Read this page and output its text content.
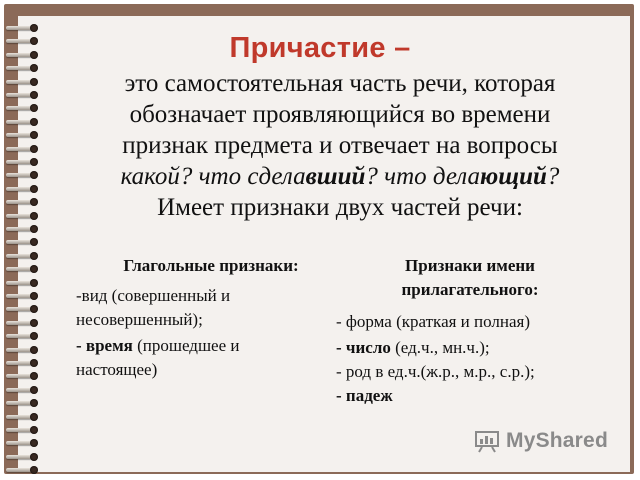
Причастие –
это самостоятельная часть речи, которая
обозначает проявляющийся во времени
признак предмета и отвечает на вопросы
какой? что сделавший? что делающий?
Имеет признаки двух частей речи:
Глагольные признаки:
-вид (совершенный и
несовершенный);
- время (прошедшее и
настоящее)
Признаки имени
прилагательного:
- форма (краткая и полная)
- число (ед.ч., мн.ч.);
- род в ед.ч.(ж.р., м.р., с.р.);
- падеж
MyShared
